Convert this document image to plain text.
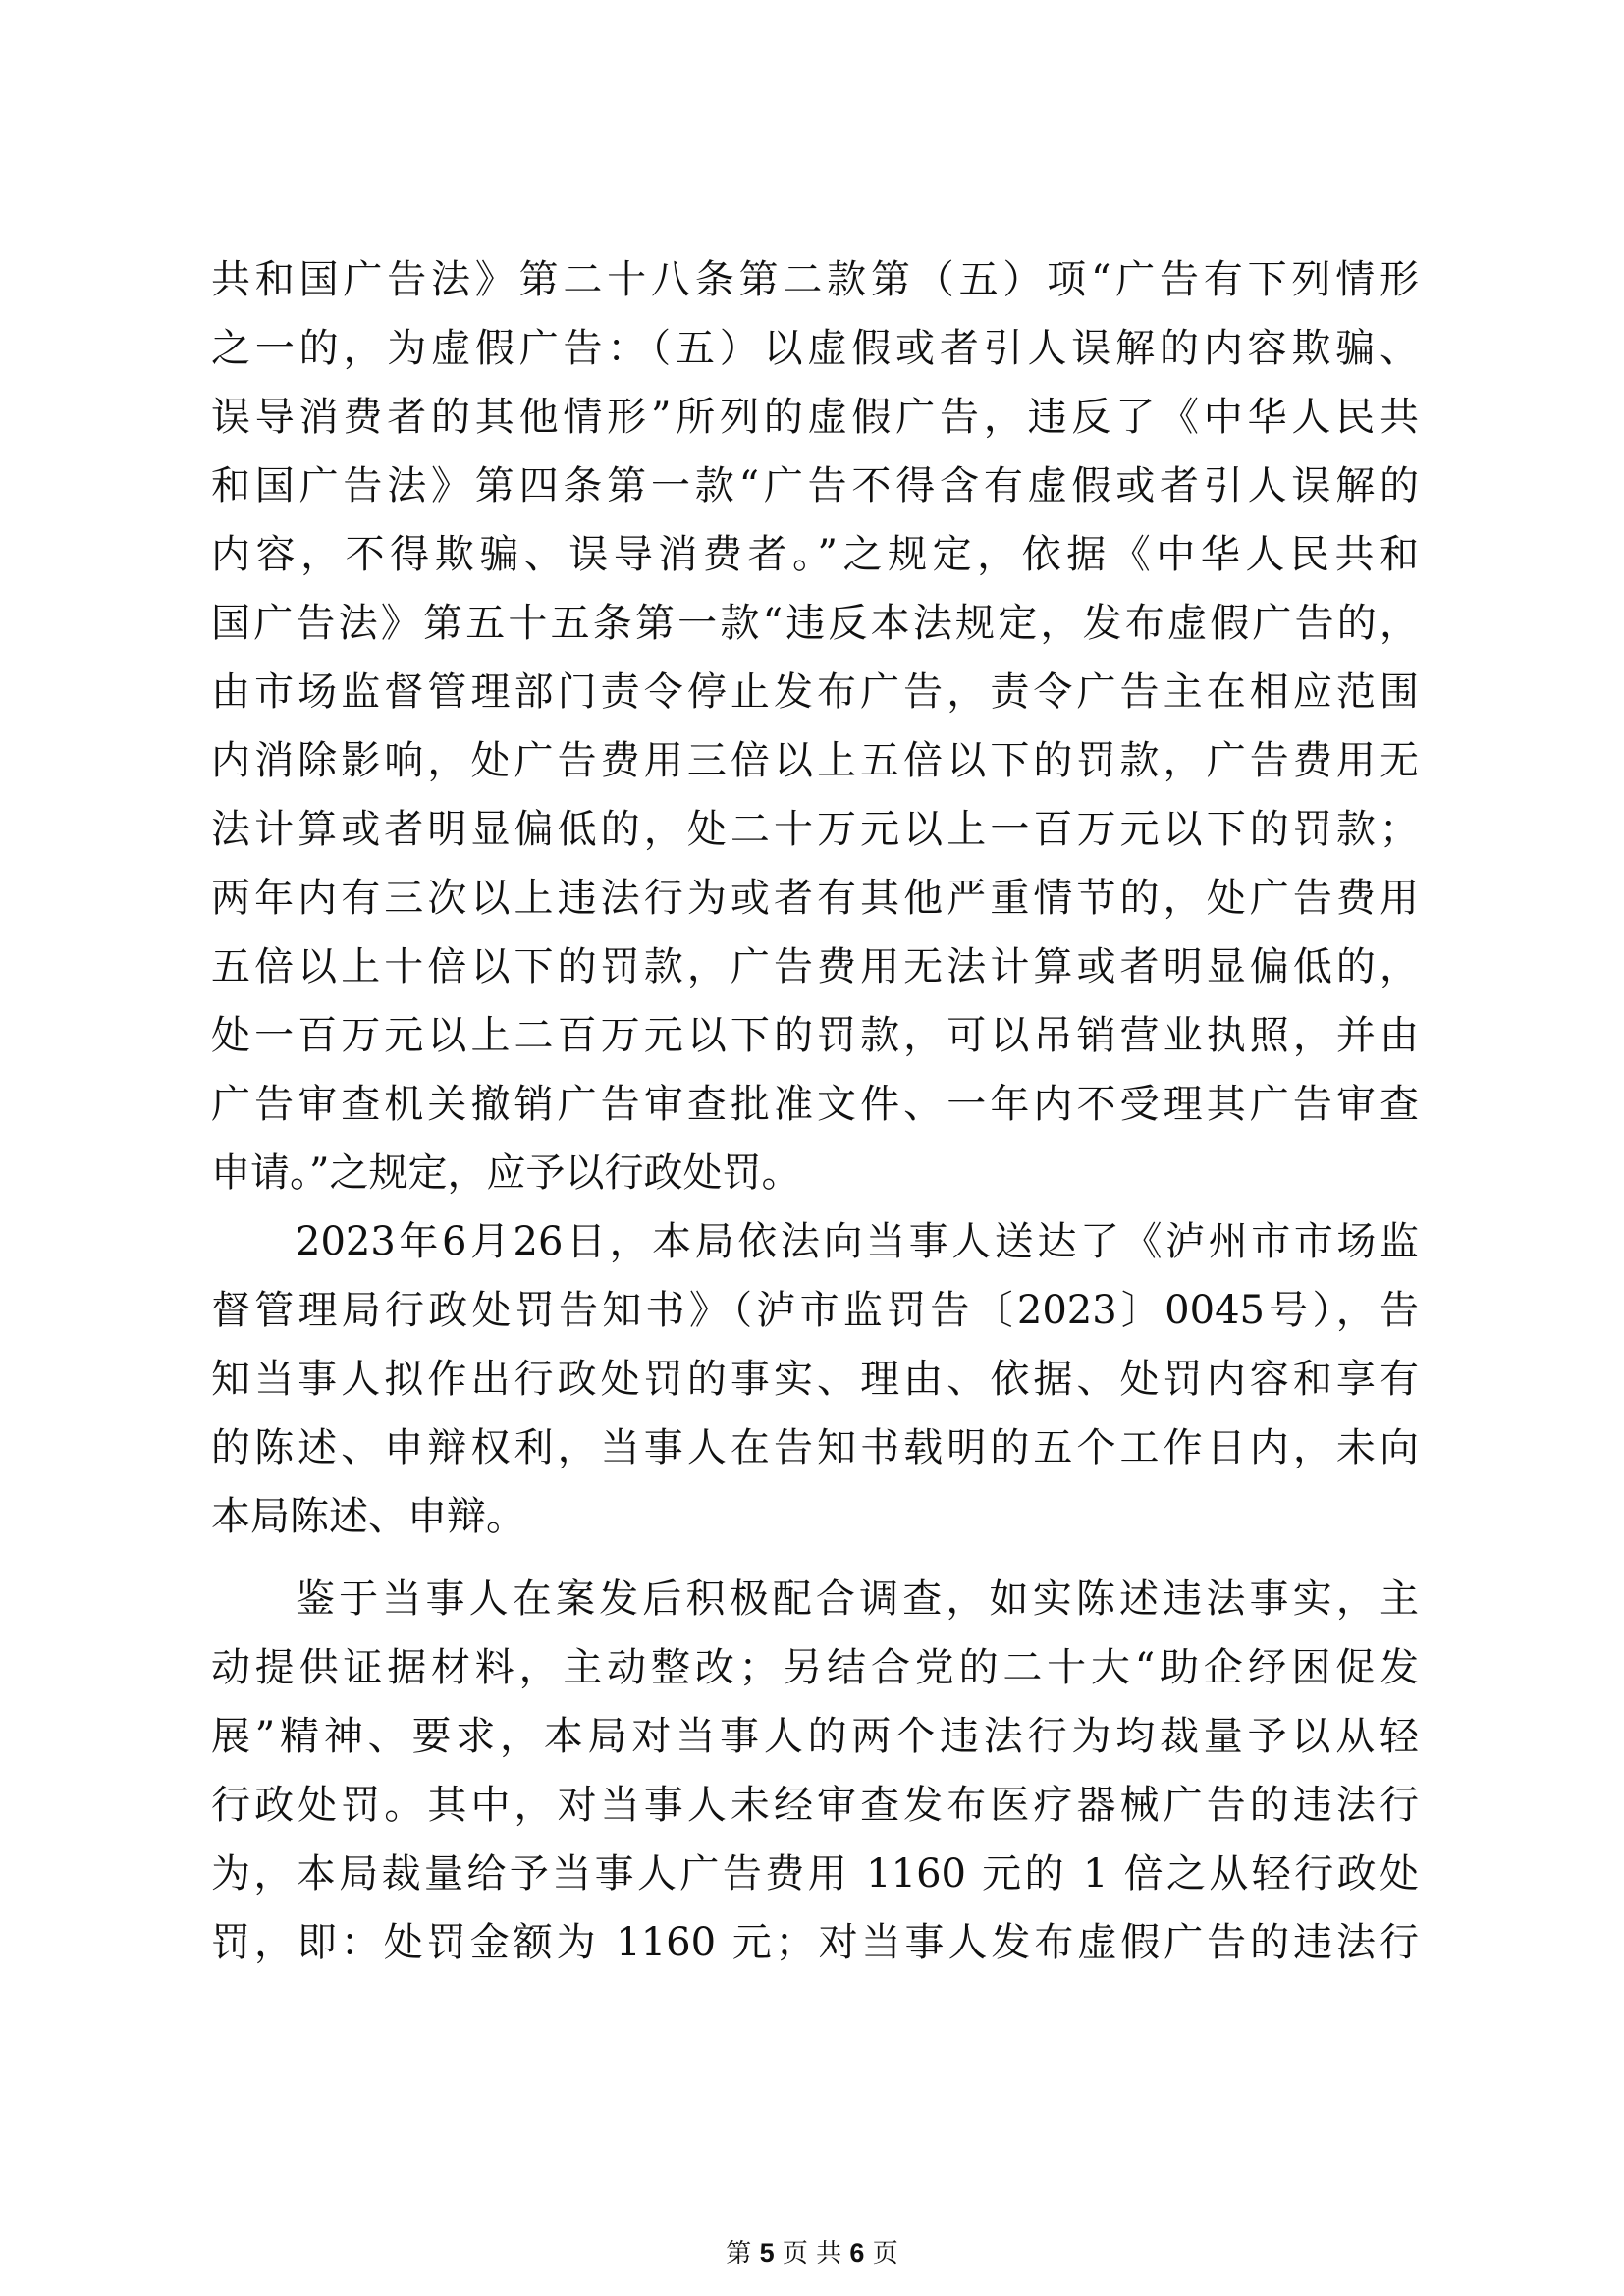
共和国广告法》第二十八条第二款第（五）项“广告有下列情形
之一的，为虚假广告：（五）以虚假或者引人误解的内容欺骗、
误导消费者的其他情形”所列的虚假广告，违反了《中华人民共
和国广告法》第四条第一款“广告不得含有虚假或者引人误解的
内容，不得欺骗、误导消费者。”之规定，依据《中华人民共和
国广告法》第五十五条第一款“违反本法规定，发布虚假广告的，
由市场监督管理部门责令停止发布广告，责令广告主在相应范围
内消除影响，处广告费用三倍以上五倍以下的罚款，广告费用无
法计算或者明显偏低的，处二十万元以上一百万元以下的罚款；
两年内有三次以上违法行为或者有其他严重情节的，处广告费用
五倍以上十倍以下的罚款，广告费用无法计算或者明显偏低的，
处一百万元以上二百万元以下的罚款，可以吊销营业执照，并由
广告审查机关撤销广告审查批准文件、一年内不受理其广告审查
申请。”之规定，应予以行政处罚。
2023年6月26日，本局依法向当事人送达了《泸州市市场监
督管理局行政处罚告知书》（泸市监罚告〔2023〕0045号），告
知当事人拟作出行政处罚的事实、理由、依据、处罚内容和享有
的陈述、申辩权利，当事人在告知书载明的五个工作日内，未向
本局陈述、申辩。
鉴于当事人在案发后积极配合调查，如实陈述违法事实，主
动提供证据材料，主动整改；另结合党的二十大“助企纾困促发
展”精神、要求，本局对当事人的两个违法行为均裁量予以从轻
行政处罚。其中，对当事人未经审查发布医疗器械广告的违法行
为，本局裁量给予当事人广告费用 1160 元的 1 倍之从轻行政处
罚，即：处罚金额为 1160 元；对当事人发布虚假广告的违法行
第 5 页 共 6 页
